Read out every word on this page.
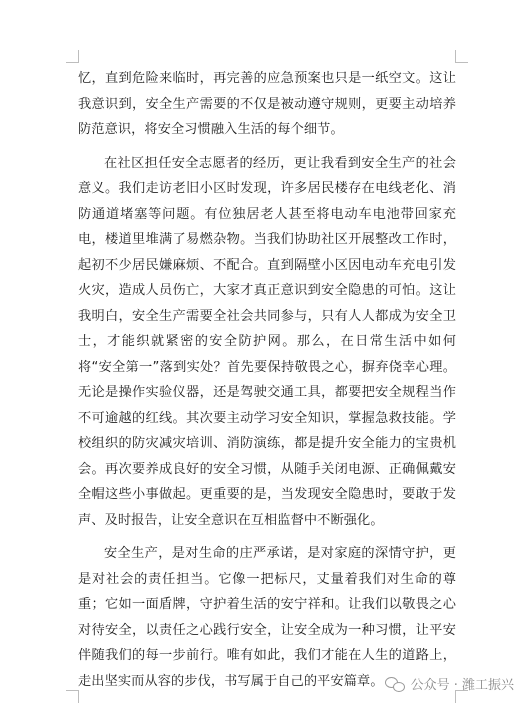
忆，直到危险来临时，再完善的应急预案也只是一纸空文。这让我意识到，安全生产需要的不仅是被动遵守规则，更要主动培养防范意识，将安全习惯融入生活的每个细节。

在社区担任安全志愿者的经历，更让我看到安全生产的社会意义。我们走访老旧小区时发现，许多居民楼存在电线老化、消防通道堵塞等问题。有位独居老人甚至将电动车电池带回家充电，楼道里堆满了易燃杂物。当我们协助社区开展整改工作时，起初不少居民嫌麻烦、不配合。直到隔壁小区因电动车充电引发火灾，造成人员伤亡，大家才真正意识到安全隐患的可怕。这让我明白，安全生产需要全社会共同参与，只有人人都成为安全卫士，才能织就紧密的安全防护网。那么，在日常生活中如何将“安全第一”落到实处？首先要保持敬畏之心，摒弃侥幸心理。无论是操作实验仪器，还是驾驶交通工具，都要把安全规程当作不可逾越的红线。其次要主动学习安全知识，掌握急救技能。学校组织的防灾减灾培训、消防演练，都是提升安全能力的宝贵机会。再次要养成良好的安全习惯，从随手关闭电源、正确佩戴安全帽这些小事做起。更重要的是，当发现安全隐患时，要敢于发声、及时报告，让安全意识在互相监督中不断强化。

安全生产，是对生命的庄严承诺，是对家庭的深情守护，更是对社会的责任担当。它像一把标尺，丈量着我们对生命的尊重；它如一面盾牌，守护着生活的安宁祥和。让我们以敬畏之心对待安全，以责任之心践行安全，让安全成为一种习惯，让平安伴随我们的每一步前行。唯有如此，我们才能在人生的道路上，走出坚实而从容的步伐，书写属于自己的平安篇章。	公众号 · 潍工振兴
